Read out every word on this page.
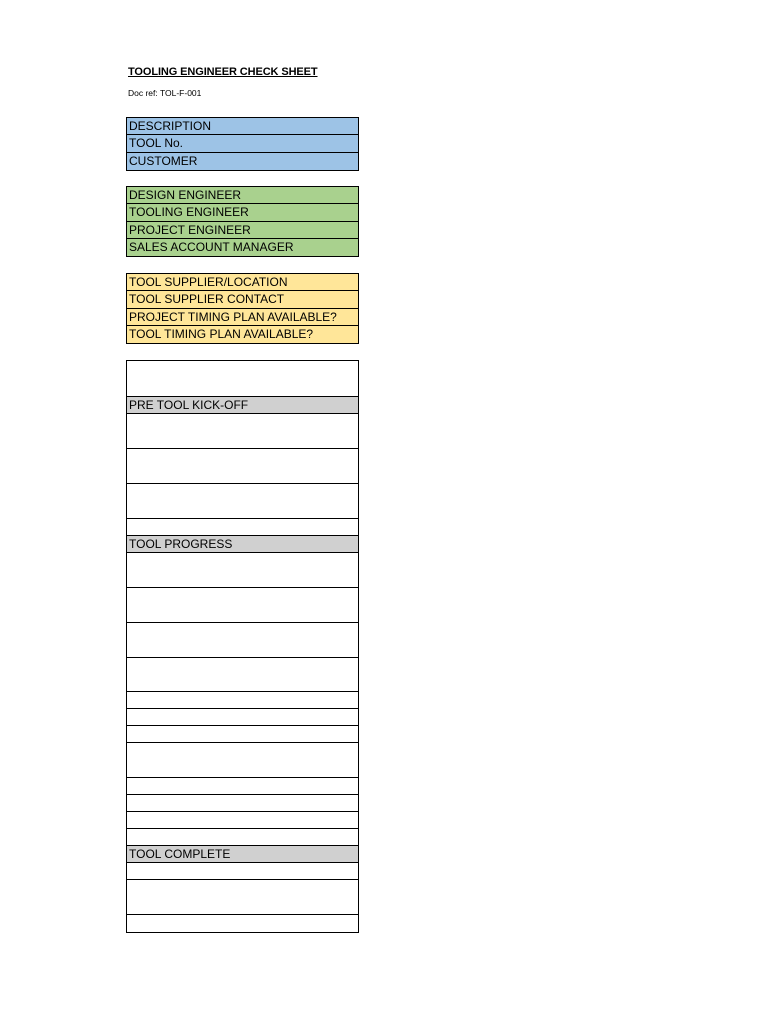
TOOLING ENGINEER CHECK SHEET
Doc ref: TOL-F-001
DESCRIPTION
TOOL No.
CUSTOMER
DESIGN ENGINEER
TOOLING ENGINEER
PROJECT ENGINEER
SALES ACCOUNT MANAGER
TOOL SUPPLIER/LOCATION
TOOL SUPPLIER CONTACT
PROJECT TIMING PLAN AVAILABLE?
TOOL TIMING PLAN AVAILABLE?
PRE TOOL KICK-OFF
TOOL PROGRESS
TOOL COMPLETE
